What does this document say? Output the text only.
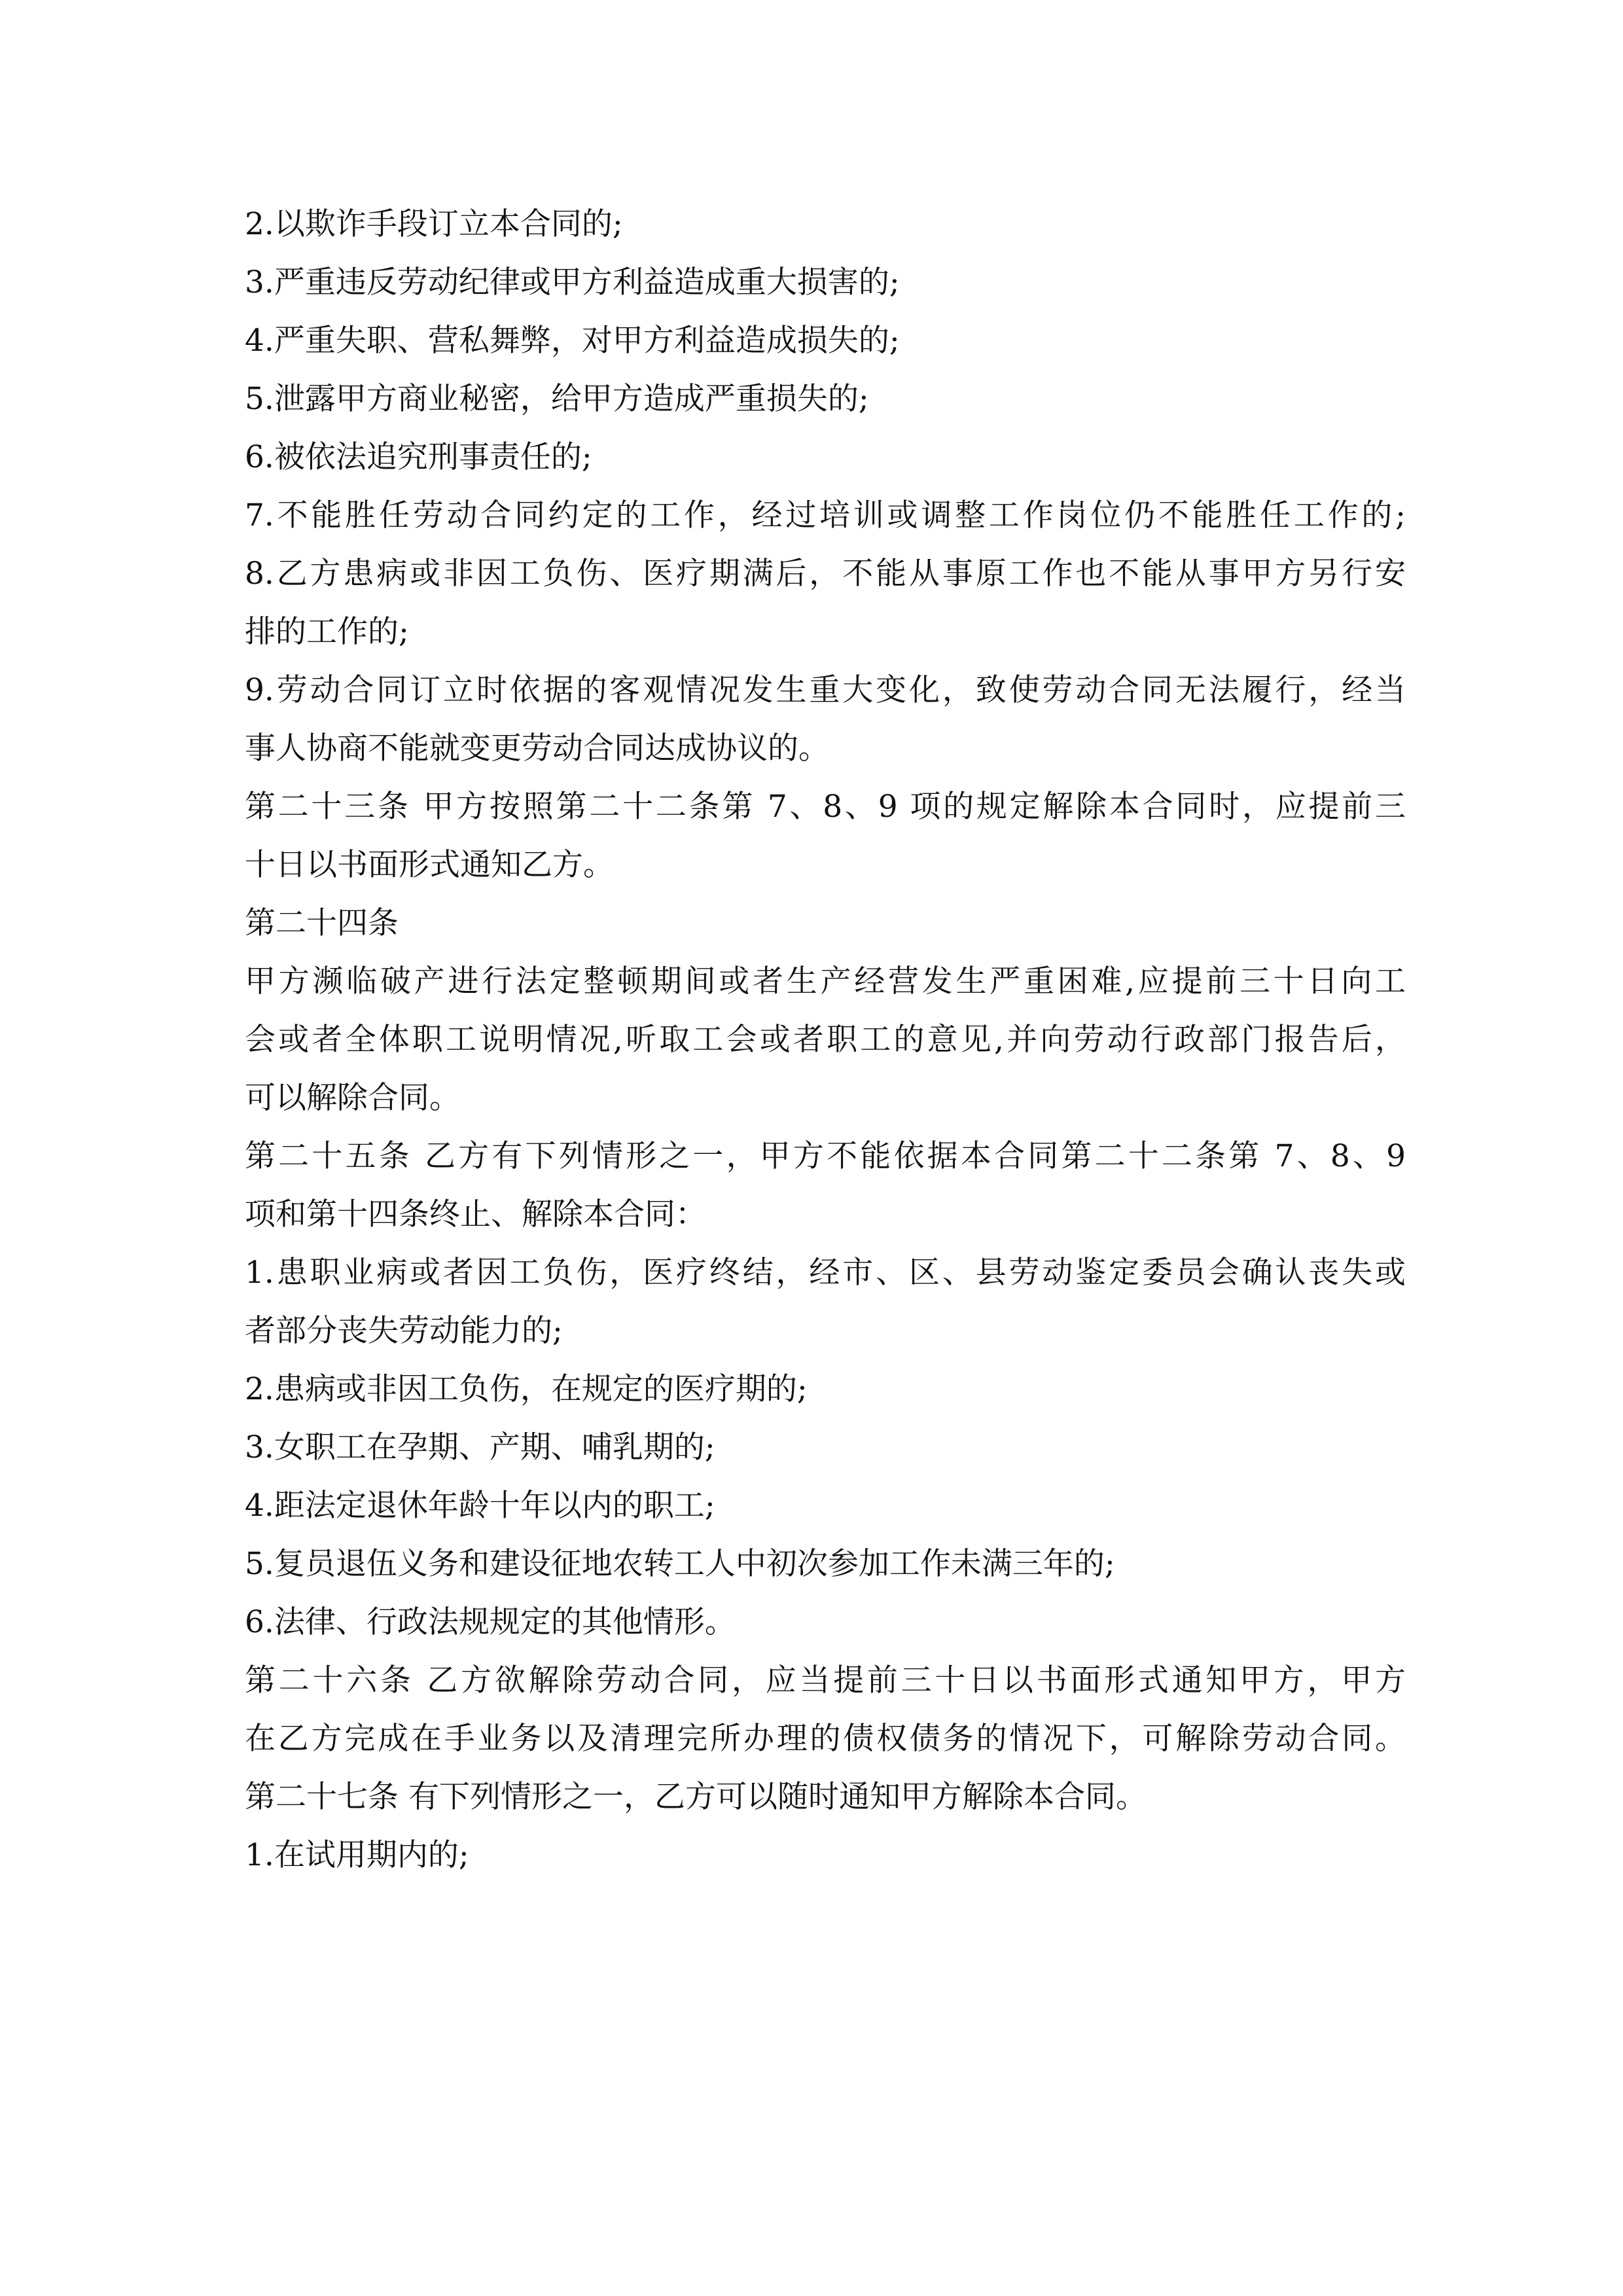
2.以欺诈手段订立本合同的;
3.严重违反劳动纪律或甲方利益造成重大损害的;
4.严重失职、营私舞弊，对甲方利益造成损失的;
5.泄露甲方商业秘密，给甲方造成严重损失的;
6.被依法追究刑事责任的;
7.不能胜任劳动合同约定的工作，经过培训或调整工作岗位仍不能胜任工作的;
8.乙方患病或非因工负伤、医疗期满后，不能从事原工作也不能从事甲方另行安
排的工作的;
9.劳动合同订立时依据的客观情况发生重大变化，致使劳动合同无法履行，经当
事人协商不能就变更劳动合同达成协议的。
第二十三条 甲方按照第二十二条第 7、8、9 项的规定解除本合同时，应提前三
十日以书面形式通知乙方。
第二十四条
甲方濒临破产进行法定整顿期间或者生产经营发生严重困难,应提前三十日向工
会或者全体职工说明情况,听取工会或者职工的意见,并向劳动行政部门报告后，
可以解除合同。
第二十五条 乙方有下列情形之一，甲方不能依据本合同第二十二条第 7、8、9
项和第十四条终止、解除本合同：
1.患职业病或者因工负伤，医疗终结，经市、区、县劳动鉴定委员会确认丧失或
者部分丧失劳动能力的;
2.患病或非因工负伤，在规定的医疗期的;
3.女职工在孕期、产期、哺乳期的;
4.距法定退休年龄十年以内的职工;
5.复员退伍义务和建设征地农转工人中初次参加工作未满三年的;
6.法律、行政法规规定的其他情形。
第二十六条 乙方欲解除劳动合同，应当提前三十日以书面形式通知甲方，甲方
在乙方完成在手业务以及清理完所办理的债权债务的情况下，可解除劳动合同。
第二十七条 有下列情形之一，乙方可以随时通知甲方解除本合同。
1.在试用期内的;
